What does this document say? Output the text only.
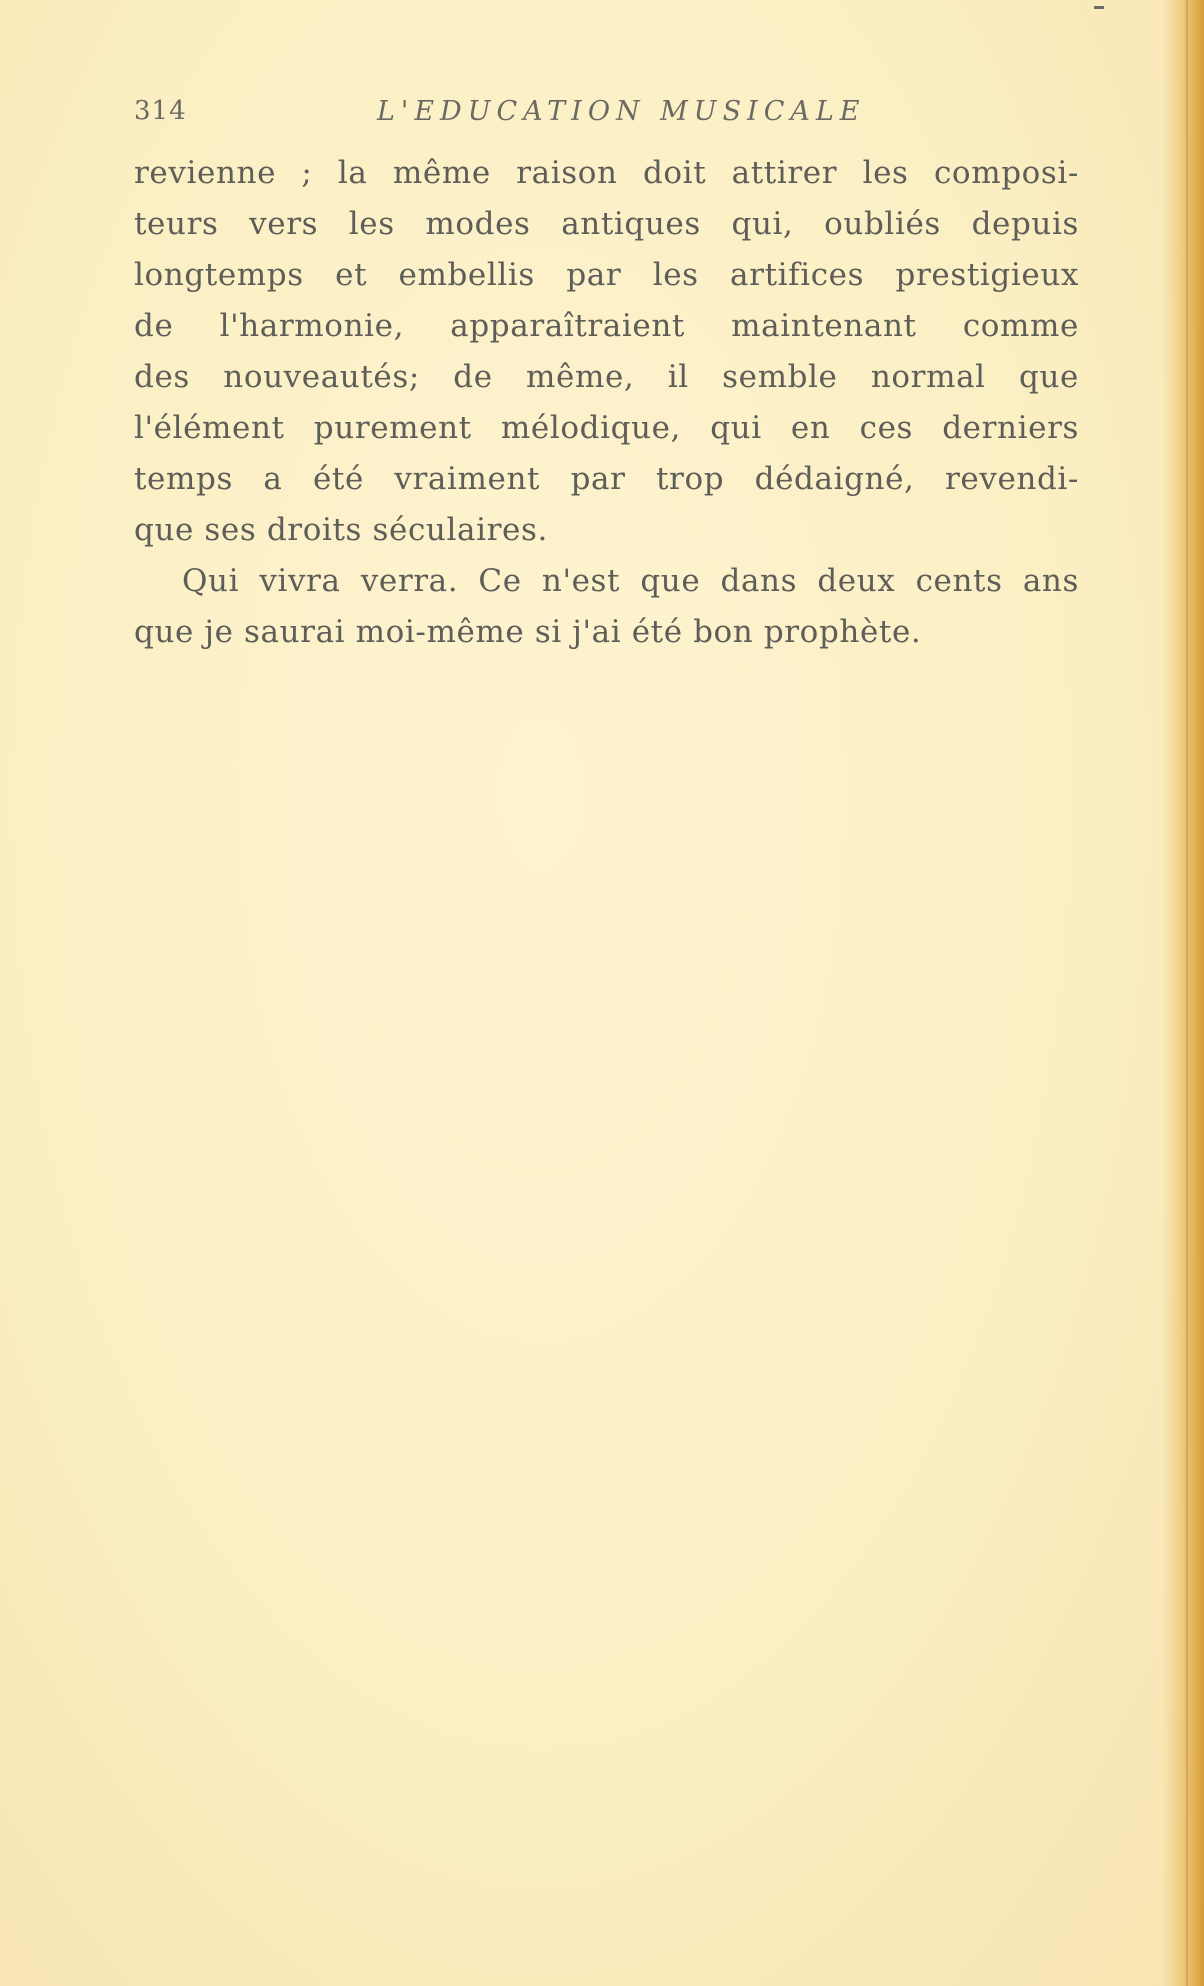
314	L'EDUCATION MUSICALE
revienne ; la même raison doit attirer les composi-
teurs vers les modes antiques qui, oubliés depuis
longtemps et embellis par les artifices prestigieux
de l'harmonie, apparaîtraient maintenant comme
des nouveautés; de même, il semble normal que
l'élément purement mélodique, qui en ces derniers
temps a été vraiment par trop dédaigné, revendi-
que ses droits séculaires.
Qui vivra verra. Ce n'est que dans deux cents ans
que je saurai moi-même si j'ai été bon prophète.
